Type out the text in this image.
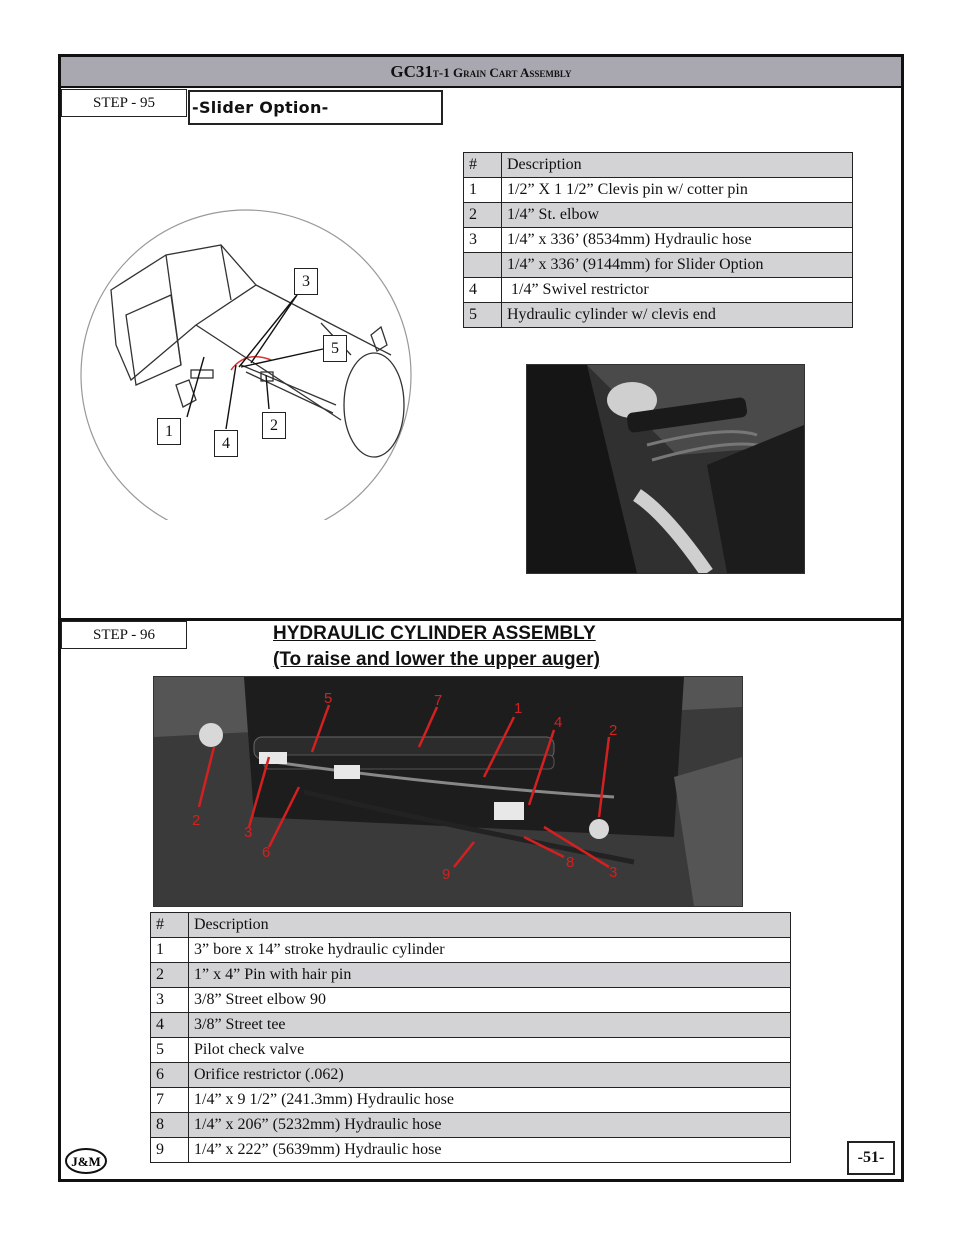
GC31t-1 Grain Cart Assembly
STEP - 95	-Slider Option-
3
5
1
4
2
#	Description
1	1/2” X 1 1/2” Clevis pin w/ cotter pin
2	1/4” St. elbow
3	1/4” x 336’ (8534mm) Hydraulic hose
	1/4” x 336’ (9144mm) for Slider Option
4	1/4” Swivel restrictor
5	Hydraulic cylinder w/ clevis end
STEP - 96	HYDRAULIC CYLINDER ASSEMBLY
(To raise and lower the upper auger)
5	7	1
4	2
2
3
6
9
8
3
#	Description
1	3” bore x 14” stroke hydraulic cylinder
2	1” x 4” Pin with hair pin
3	3/8” Street elbow 90
4	3/8” Street tee
5	Pilot check valve
6	Orifice restrictor (.062)
7	1/4” x 9 1/2” (241.3mm) Hydraulic hose
8	1/4” x 206” (5232mm) Hydraulic hose
9	1/4” x 222” (5639mm) Hydraulic hose
J&M	-51-
